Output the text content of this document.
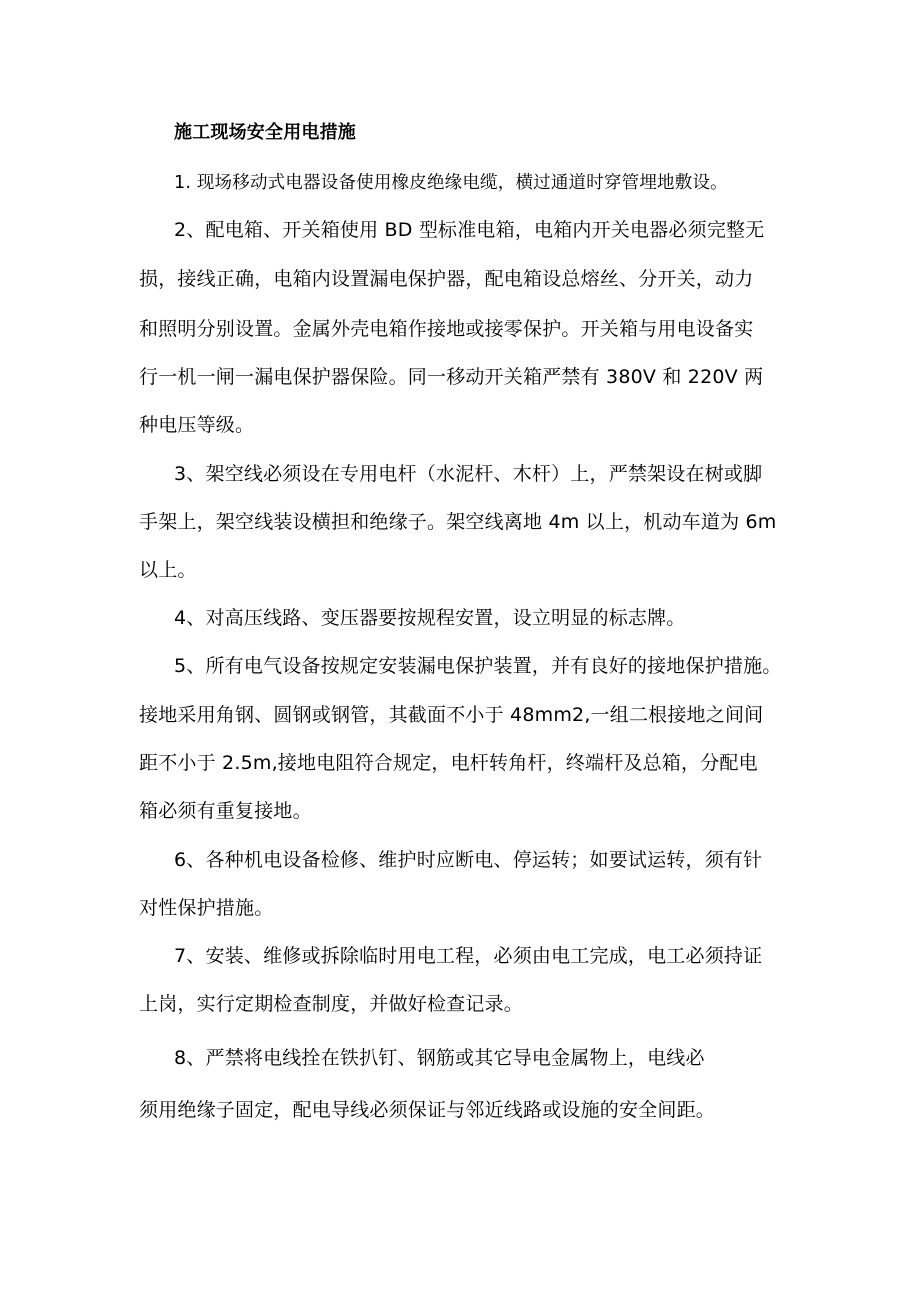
施工现场安全用电措施
1. 现场移动式电器设备使用橡皮绝缘电缆，横过通道时穿管埋地敷设。
2、配电箱、开关箱使用 BD 型标准电箱，电箱内开关电器必须完整无
损，接线正确，电箱内设置漏电保护器，配电箱设总熔丝、分开关，动力
和照明分别设置。金属外壳电箱作接地或接零保护。开关箱与用电设备实
行一机一闸一漏电保护器保险。同一移动开关箱严禁有 380V 和 220V 两
种电压等级。
3、架空线必须设在专用电杆（水泥杆、木杆）上，严禁架设在树或脚
手架上，架空线装设横担和绝缘子。架空线离地 4m 以上，机动车道为 6m
以上。
4、对高压线路、变压器要按规程安置，设立明显的标志牌。
5、所有电气设备按规定安装漏电保护装置，并有良好的接地保护措施。
接地采用角钢、圆钢或钢管，其截面不小于 48mm2,一组二根接地之间间
距不小于 2.5m,接地电阻符合规定，电杆转角杆，终端杆及总箱，分配电
箱必须有重复接地。
6、各种机电设备检修、维护时应断电、停运转；如要试运转，须有针
对性保护措施。
7、安装、维修或拆除临时用电工程，必须由电工完成，电工必须持证
上岗，实行定期检查制度，并做好检查记录。
8、严禁将电线拴在铁扒钉、钢筋或其它导电金属物上，电线必
须用绝缘子固定，配电导线必须保证与邻近线路或设施的安全间距。
